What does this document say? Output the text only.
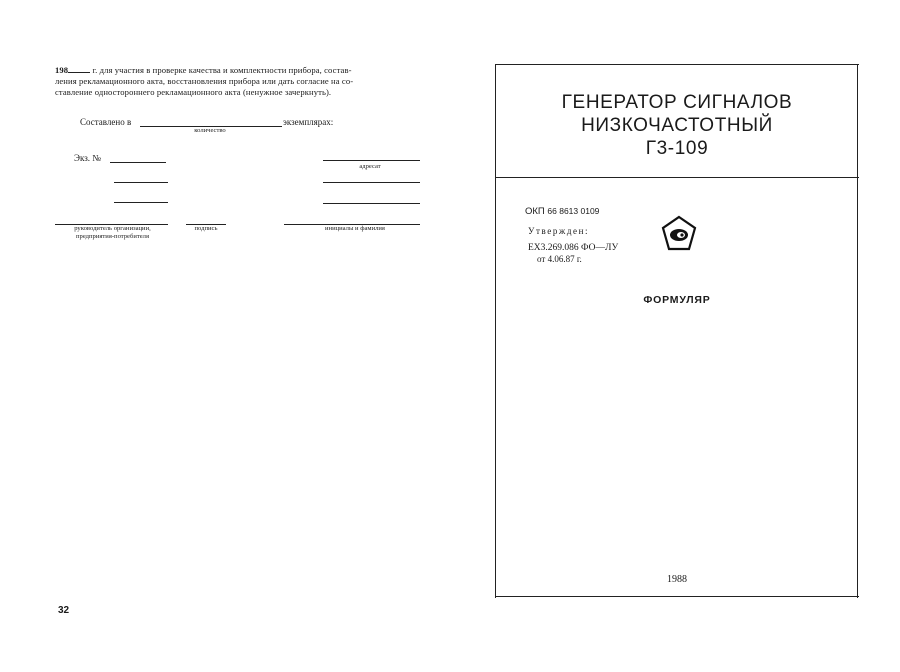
198	г. для участия в проверке качества и комплектности прибора, состав-
ления рекламационного акта, восстановления прибора или дать согласие на со-
ставление одностороннего рекламационного акта (ненужное зачеркнуть).
Составлено в	экземплярах:
количество
Экз. №
адресат
руководитель организации, предприятия-потребителя
подпись	инициалы и фамилия
32
ГЕНЕРАТОР СИГНАЛОВ
НИЗКОЧАСТОТНЫЙ
Г3-109
ОКП 66 8613 0109
Утвержден:
ЕХ3.269.086 ФО—ЛУ
от 4.06.87 г.
ФОРМУЛЯР
1988
